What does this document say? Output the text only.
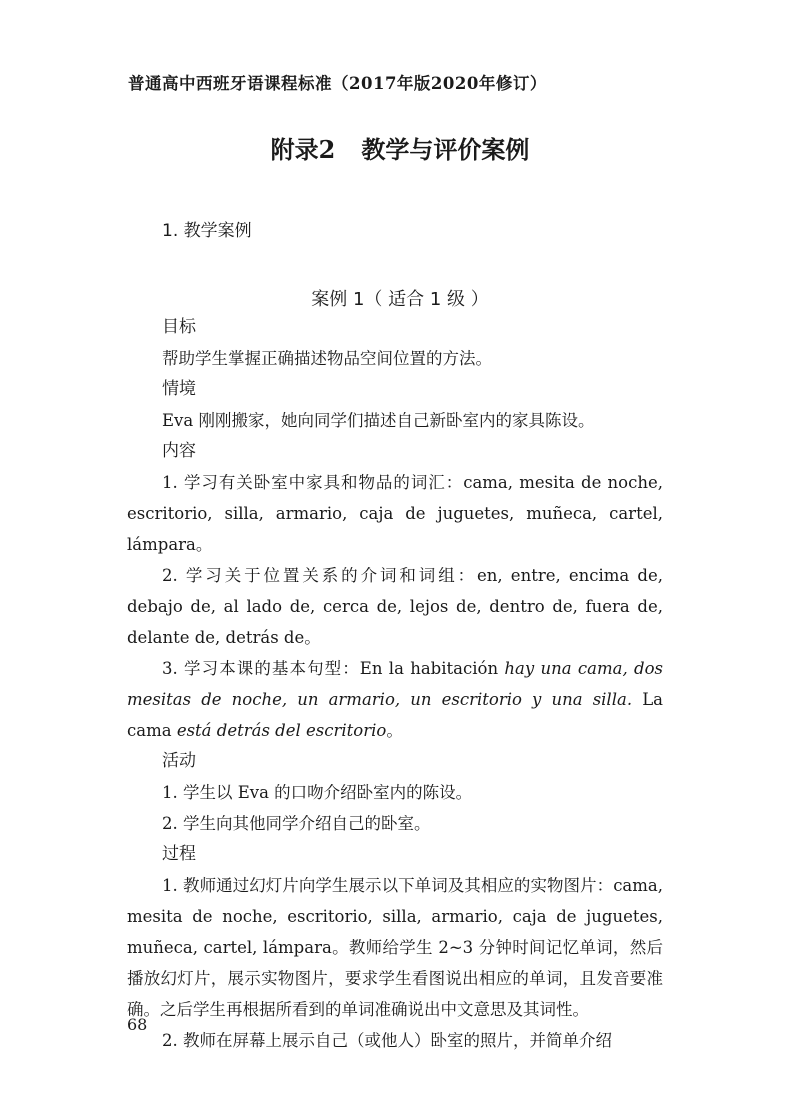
普通高中西班牙语课程标准（2017年版2020年修订）
附录2 教学与评价案例
1. 教学案例
案例 1（ 适合 1 级 ）

目标

帮助学生掌握正确描述物品空间位置的方法。

情境

Eva 刚刚搬家，她向同学们描述自己新卧室内的家具陈设。

内容

1. 学习有关卧室中家具和物品的词汇：cama, mesita de noche, escritorio, silla, armario, caja de juguetes, muñeca, cartel, lámpara。

2. 学习关于位置关系的介词和词组：en, entre, encima de, debajo de, al lado de, cerca de, lejos de, dentro de, fuera de, delante de, detrás de。

3. 学习本课的基本句型：En la habitación hay una cama, dos mesitas de noche, un armario, un escritorio y una silla. La cama está detrás del escritorio。

活动

1. 学生以 Eva 的口吻介绍卧室内的陈设。

2. 学生向其他同学介绍自己的卧室。

过程

1. 教师通过幻灯片向学生展示以下单词及其相应的实物图片：cama, mesita de noche, escritorio, silla, armario, caja de juguetes, muñeca, cartel, lámpara。教师给学生 2~3 分钟时间记忆单词，然后播放幻灯片，展示实物图片，要求学生看图说出相应的单词，且发音要准确。之后学生再根据所看到的单词准确说出中文意思及其词性。

2. 教师在屏幕上展示自己（或他人）卧室的照片，并简单介绍

68
